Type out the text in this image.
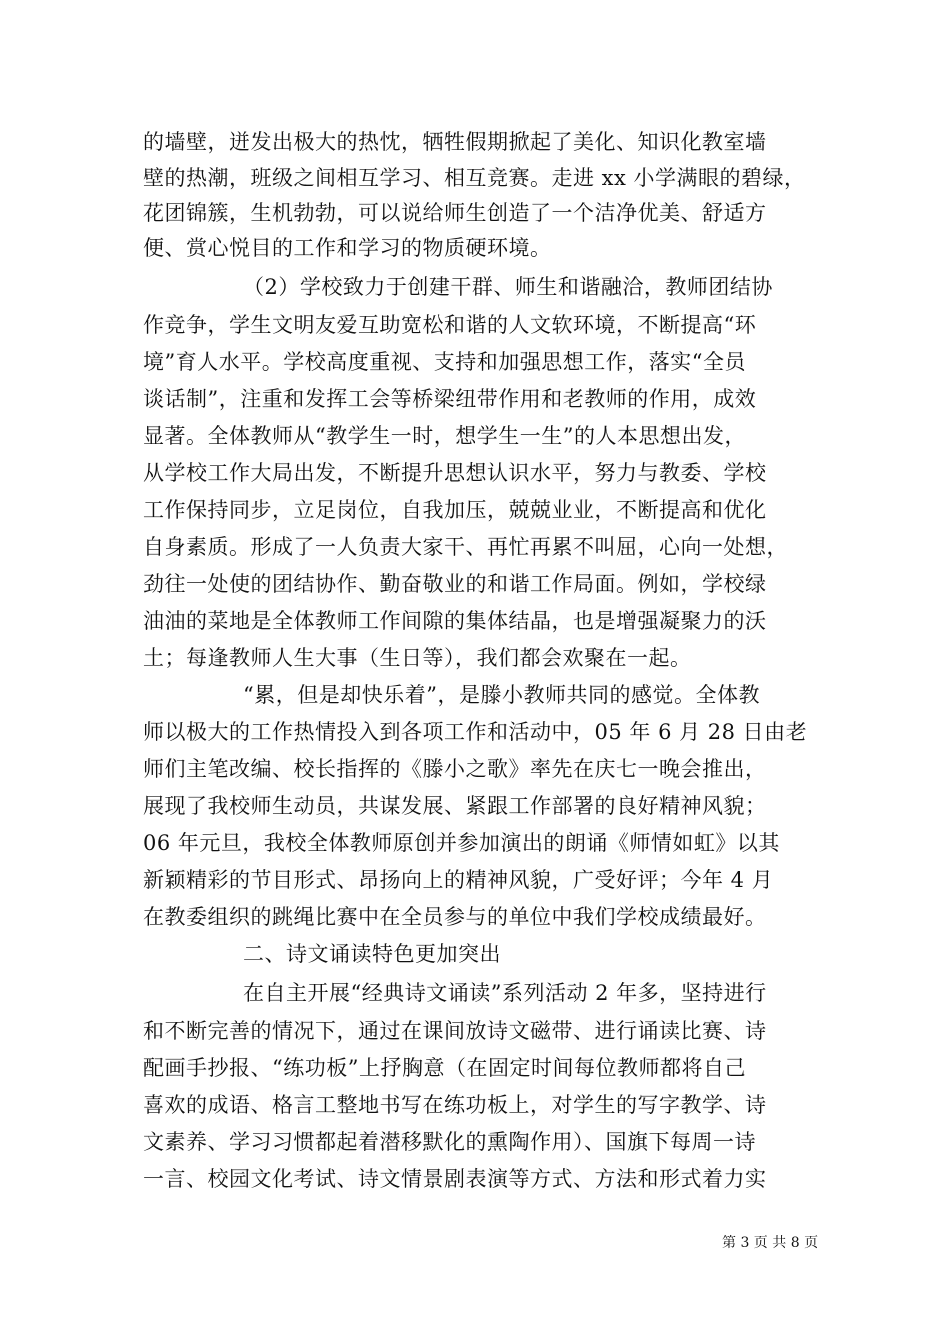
的墙壁，迸发出极大的热忱，牺牲假期掀起了美化、知识化教室墙
壁的热潮，班级之间相互学习、相互竞赛。走进 xx 小学满眼的碧绿，
花团锦簇，生机勃勃，可以说给师生创造了一个洁净优美、舒适方
便、赏心悦目的工作和学习的物质硬环境。
（2）学校致力于创建干群、师生和谐融洽，教师团结协
作竞争，学生文明友爱互助宽松和谐的人文软环境，不断提高“环
境”育人水平。学校高度重视、支持和加强思想工作，落实“全员
谈话制”，注重和发挥工会等桥梁纽带作用和老教师的作用，成效
显著。全体教师从“教学生一时，想学生一生”的人本思想出发，
从学校工作大局出发，不断提升思想认识水平，努力与教委、学校
工作保持同步，立足岗位，自我加压，兢兢业业，不断提高和优化
自身素质。形成了一人负责大家干、再忙再累不叫屈，心向一处想，
劲往一处使的团结协作、勤奋敬业的和谐工作局面。例如，学校绿
油油的菜地是全体教师工作间隙的集体结晶，也是增强凝聚力的沃
土；每逢教师人生大事（生日等），我们都会欢聚在一起。
“累，但是却快乐着”，是滕小教师共同的感觉。全体教
师以极大的工作热情投入到各项工作和活动中，05 年 6 月 28 日由老
师们主笔改编、校长指挥的《滕小之歌》率先在庆七一晚会推出，
展现了我校师生动员，共谋发展、紧跟工作部署的良好精神风貌；
06 年元旦，我校全体教师原创并参加演出的朗诵《师情如虹》以其
新颖精彩的节目形式、昂扬向上的精神风貌，广受好评；今年 4 月
在教委组织的跳绳比赛中在全员参与的单位中我们学校成绩最好。
二、诗文诵读特色更加突出
在自主开展“经典诗文诵读”系列活动 2 年多，坚持进行
和不断完善的情况下，通过在课间放诗文磁带、进行诵读比赛、诗
配画手抄报、“练功板”上抒胸意（在固定时间每位教师都将自己
喜欢的成语、格言工整地书写在练功板上，对学生的写字教学、诗
文素养、学习习惯都起着潜移默化的熏陶作用）、国旗下每周一诗
一言、校园文化考试、诗文情景剧表演等方式、方法和形式着力实
第 3 页 共 8 页
